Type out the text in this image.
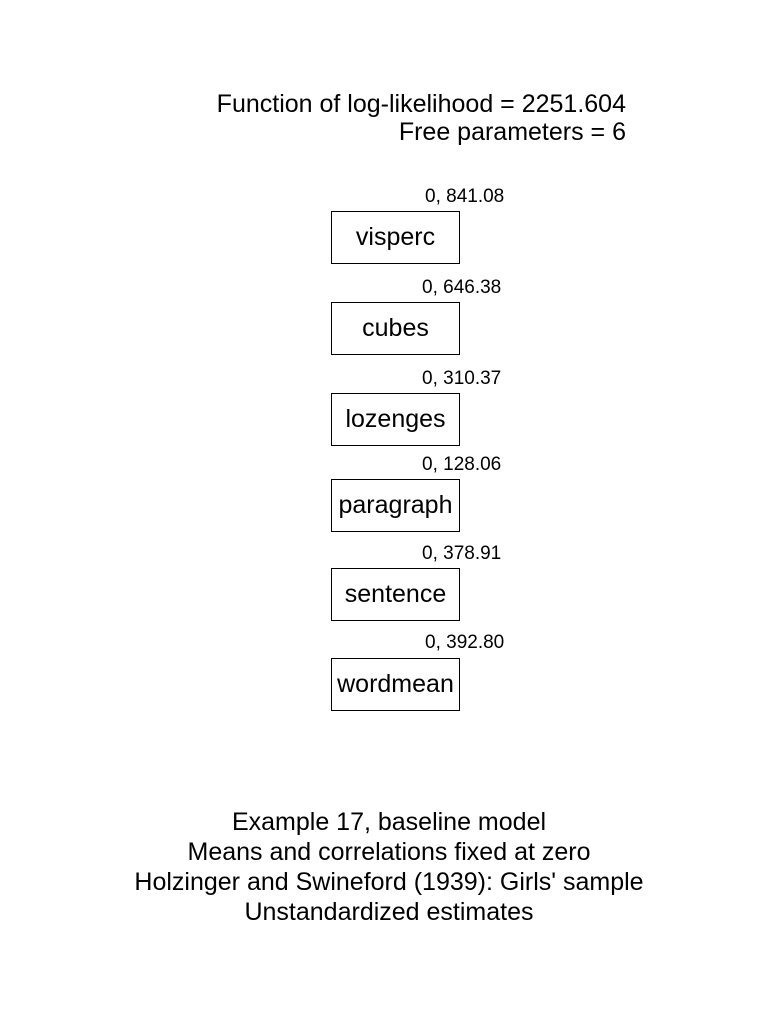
Function of log-likelihood = 2251.604
Free parameters = 6
0, 841.08
visperc
0, 646.38
cubes
0, 310.37
lozenges
0, 128.06
paragraph
0, 378.91
sentence
0, 392.80
wordmean
Example 17, baseline model
Means and correlations fixed at zero
Holzinger and Swineford (1939): Girls' sample
Unstandardized estimates
